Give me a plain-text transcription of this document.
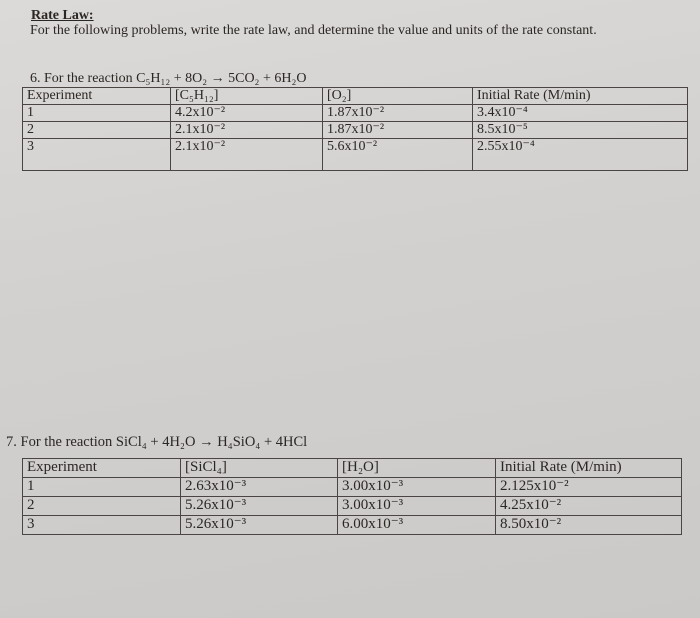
Rate Law:
For the following problems, write the rate law, and determine the value and units of the rate constant.
6. For the reaction C₅H₁₂ + 8O₂ → 5CO₂ + 6H₂O
Experiment	[C₅H₁₂]	[O₂]	Initial Rate (M/min)
1	4.2x10⁻²	1.87x10⁻²	3.4x10⁻⁴
2	2.1x10⁻²	1.87x10⁻²	8.5x10⁻⁵
3	2.1x10⁻²	5.6x10⁻²	2.55x10⁻⁴
7. For the reaction SiCl₄ + 4H₂O → H₄SiO₄ + 4HCl
Experiment	[SiCl₄]	[H₂O]	Initial Rate (M/min)
1	2.63x10⁻³	3.00x10⁻³	2.125x10⁻²
2	5.26x10⁻³	3.00x10⁻³	4.25x10⁻²
3	5.26x10⁻³	6.00x10⁻³	8.50x10⁻²
